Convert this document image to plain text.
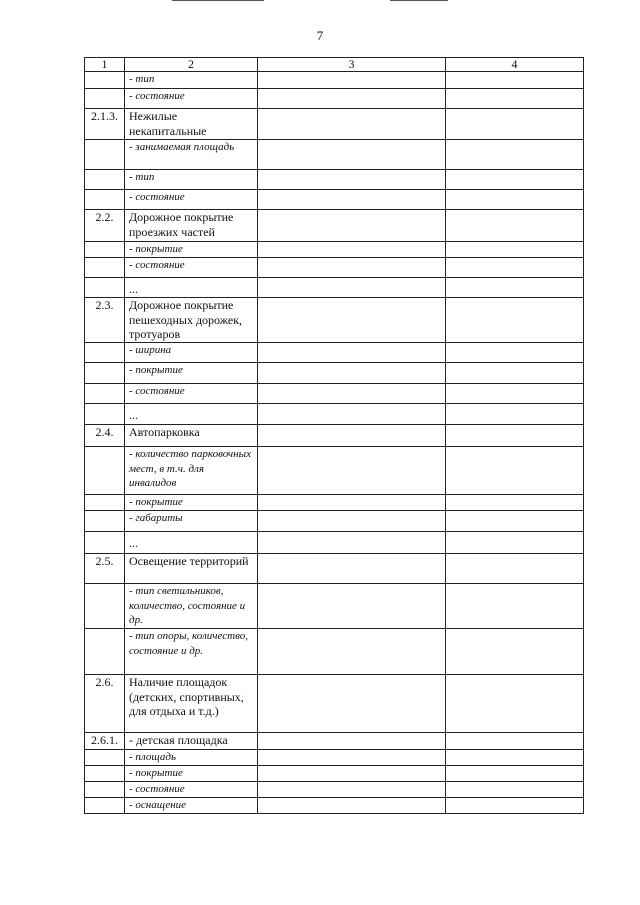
7
1	2	3	4
	- тип		
	- состояние		
2.1.3.	Нежилые некапитальные		
	- занимаемая площадь		
	- тип		
	- состояние		
2.2.	Дорожное покрытие проезжих частей		
	- покрытие		
	- состояние		
	...		
2.3.	Дорожное покрытие пешеходных дорожек, тротуаров		
	- ширина		
	- покрытие		
	- состояние		
	...		
2.4.	Автопарковка		
	- количество парковочных мест, в т.ч. для инвалидов		
	- покрытие		
	- габариты		
	...		
2.5.	Освещение территорий		
	- тип светильников, количество, состояние и др.		
	- тип опоры, количество, состояние и др.		
2.6.	Наличие площадок (детских, спортивных, для отдыха и т.д.)		
2.6.1.	- детская площадка		
	- площадь		
	- покрытие		
	- состояние		
	- оснащение		
